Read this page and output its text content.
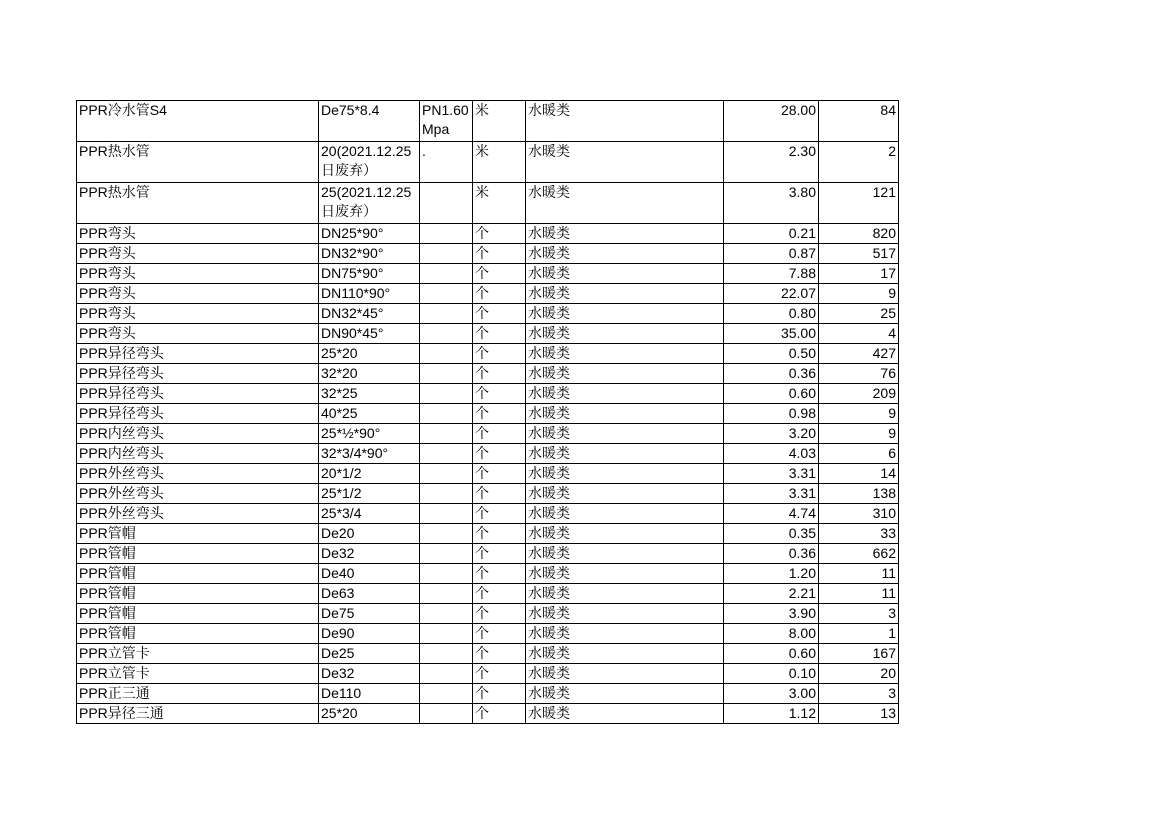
PPR冷水管S4	De75*8.4	PN1.60Mpa	米	水暖类	28.00	84
PPR热水管	20(2021.12.25日废弃）	.	米	水暖类	2.30	2
PPR热水管	25(2021.12.25日废弃）		米	水暖类	3.80	121
PPR弯头	DN25*90°		个	水暖类	0.21	820
PPR弯头	DN32*90°		个	水暖类	0.87	517
PPR弯头	DN75*90°		个	水暖类	7.88	17
PPR弯头	DN110*90°		个	水暖类	22.07	9
PPR弯头	DN32*45°		个	水暖类	0.80	25
PPR弯头	DN90*45°		个	水暖类	35.00	4
PPR异径弯头	25*20		个	水暖类	0.50	427
PPR异径弯头	32*20		个	水暖类	0.36	76
PPR异径弯头	32*25		个	水暖类	0.60	209
PPR异径弯头	40*25		个	水暖类	0.98	9
PPR内丝弯头	25*½*90°		个	水暖类	3.20	9
PPR内丝弯头	32*3/4*90°		个	水暖类	4.03	6
PPR外丝弯头	20*1/2		个	水暖类	3.31	14
PPR外丝弯头	25*1/2		个	水暖类	3.31	138
PPR外丝弯头	25*3/4		个	水暖类	4.74	310
PPR管帽	De20		个	水暖类	0.35	33
PPR管帽	De32		个	水暖类	0.36	662
PPR管帽	De40		个	水暖类	1.20	11
PPR管帽	De63		个	水暖类	2.21	11
PPR管帽	De75		个	水暖类	3.90	3
PPR管帽	De90		个	水暖类	8.00	1
PPR立管卡	De25		个	水暖类	0.60	167
PPR立管卡	De32		个	水暖类	0.10	20
PPR正三通	De110		个	水暖类	3.00	3
PPR异径三通	25*20		个	水暖类	1.12	13
